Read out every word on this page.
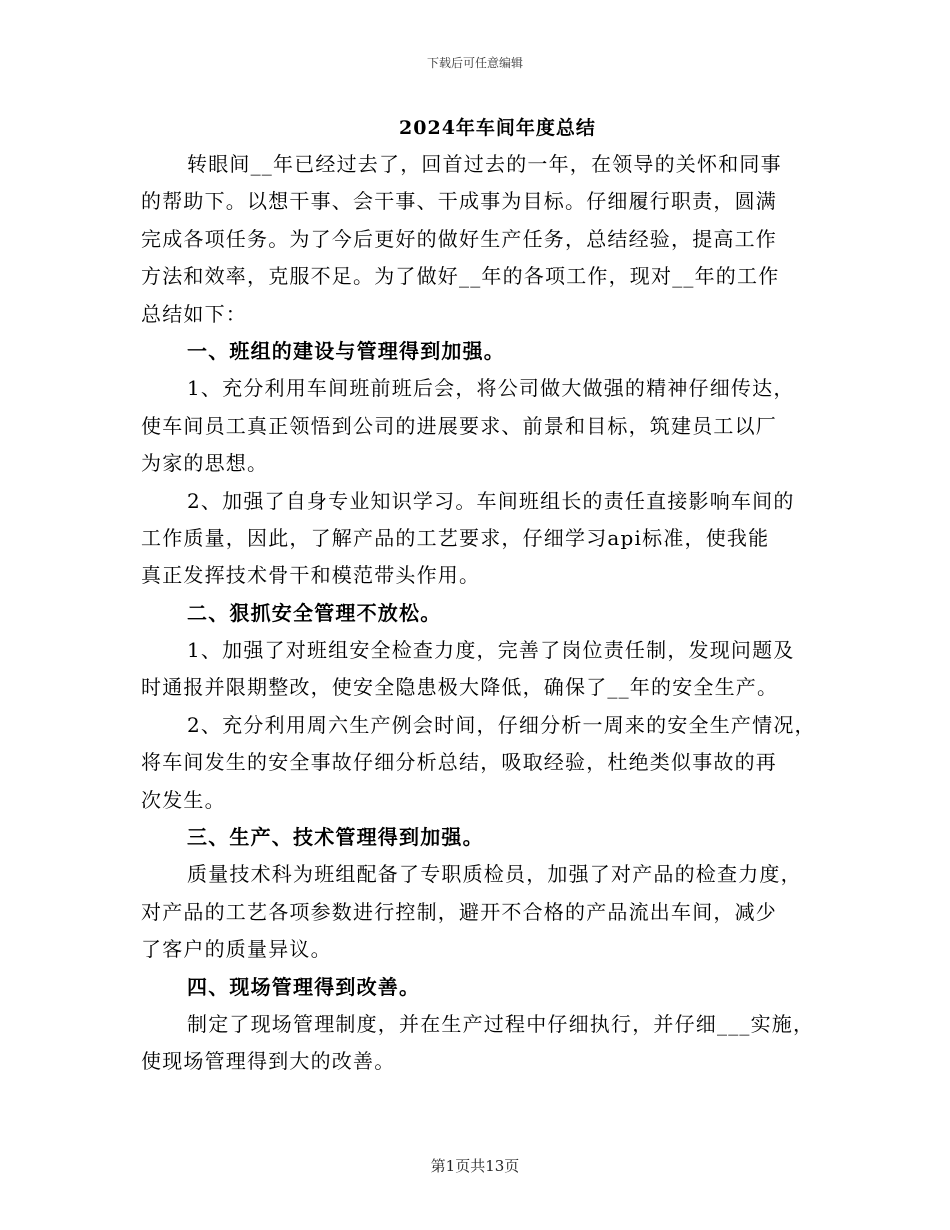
下载后可任意编辑
2024年车间年度总结
转眼间__年已经过去了，回首过去的一年，在领导的关怀和同事
的帮助下。以想干事、会干事、干成事为目标。仔细履行职责，圆满
完成各项任务。为了今后更好的做好生产任务，总结经验，提高工作
方法和效率，克服不足。为了做好__年的各项工作，现对__年的工作
总结如下：
一、班组的建设与管理得到加强。
1、充分利用车间班前班后会，将公司做大做强的精神仔细传达，
使车间员工真正领悟到公司的进展要求、前景和目标，筑建员工以厂
为家的思想。
2、加强了自身专业知识学习。车间班组长的责任直接影响车间的
工作质量，因此，了解产品的工艺要求，仔细学习api标准，使我能
真正发挥技术骨干和模范带头作用。
二、狠抓安全管理不放松。
1、加强了对班组安全检查力度，完善了岗位责任制，发现问题及
时通报并限期整改，使安全隐患极大降低，确保了__年的安全生产。
2、充分利用周六生产例会时间，仔细分析一周来的安全生产情况，
将车间发生的安全事故仔细分析总结，吸取经验，杜绝类似事故的再
次发生。
三、生产、技术管理得到加强。
质量技术科为班组配备了专职质检员，加强了对产品的检查力度，
对产品的工艺各项参数进行控制，避开不合格的产品流出车间，减少
了客户的质量异议。
四、现场管理得到改善。
制定了现场管理制度，并在生产过程中仔细执行，并仔细___实施，
使现场管理得到大的改善。
第1页共13页
